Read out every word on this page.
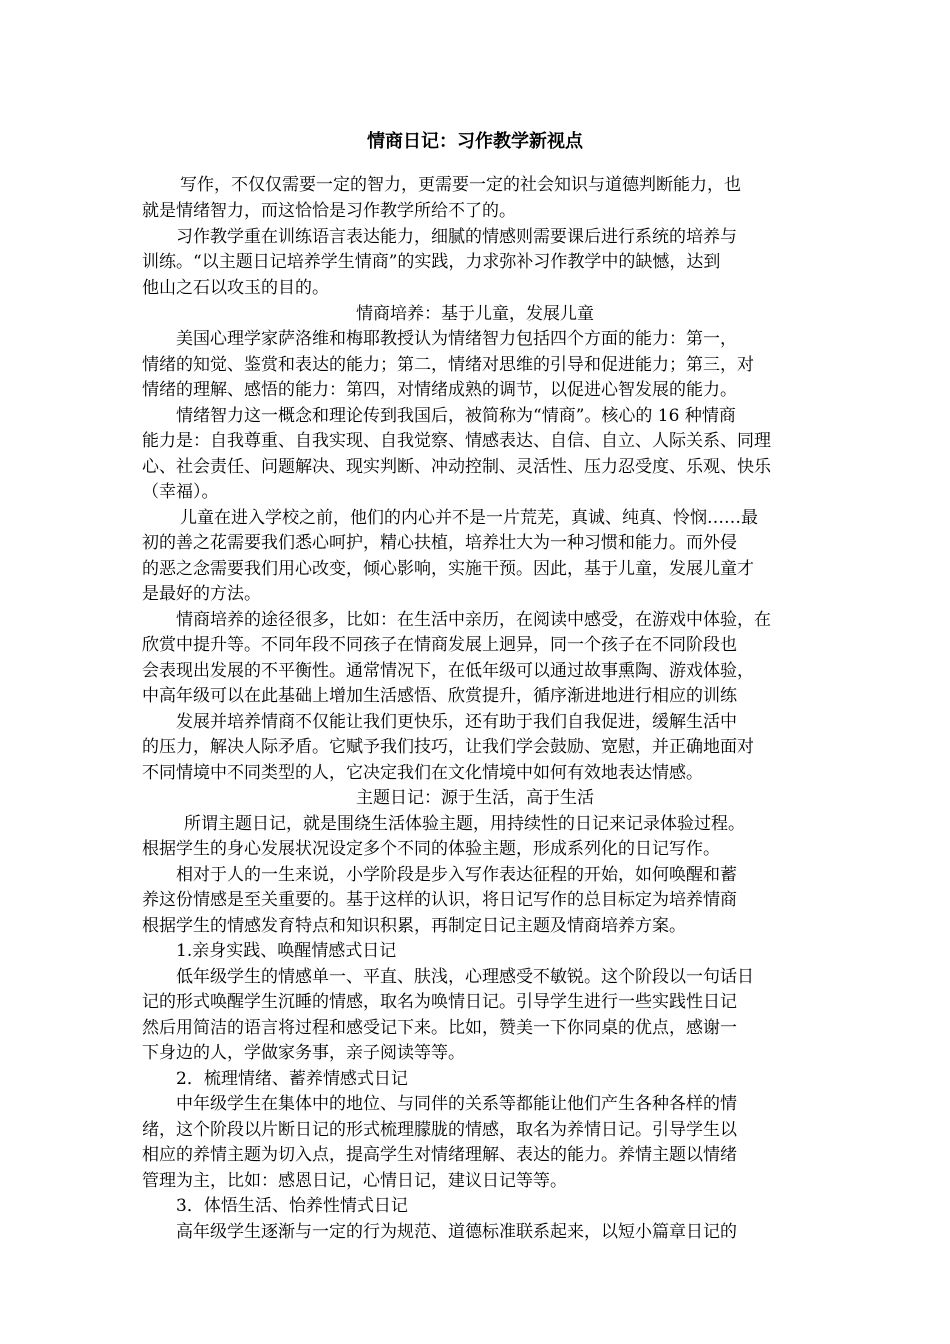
情商日记：习作教学新视点
写作，不仅仅需要一定的智力，更需要一定的社会知识与道德判断能力，也
就是情绪智力，而这恰恰是习作教学所给不了的。
习作教学重在训练语言表达能力，细腻的情感则需要课后进行系统的培养与
训练。“以主题日记培养学生情商”的实践，力求弥补习作教学中的缺憾，达到
他山之石以攻玉的目的。
情商培养：基于儿童，发展儿童
美国心理学家萨洛维和梅耶教授认为情绪智力包括四个方面的能力：第一，
情绪的知觉、鉴赏和表达的能力；第二，情绪对思维的引导和促进能力；第三，对
情绪的理解、感悟的能力：第四，对情绪成熟的调节，以促进心智发展的能力。
情绪智力这一概念和理论传到我国后，被简称为“情商”。核心的 16 种情商
能力是：自我尊重、自我实现、自我觉察、情感表达、自信、自立、人际关系、同理
心、社会责任、问题解决、现实判断、冲动控制、灵活性、压力忍受度、乐观、快乐
（幸福）。
儿童在进入学校之前，他们的内心并不是一片荒芜，真诚、纯真、怜悯……最
初的善之花需要我们悉心呵护，精心扶植，培养壮大为一种习惯和能力。而外侵
的恶之念需要我们用心改变，倾心影响，实施干预。因此，基于儿童，发展儿童才
是最好的方法。
情商培养的途径很多，比如：在生活中亲历，在阅读中感受，在游戏中体验，在
欣赏中提升等。不同年段不同孩子在情商发展上迥异，同一个孩子在不同阶段也
会表现出发展的不平衡性。通常情况下，在低年级可以通过故事熏陶、游戏体验，
中高年级可以在此基础上增加生活感悟、欣赏提升，循序渐进地进行相应的训练
发展并培养情商不仅能让我们更快乐，还有助于我们自我促进，缓解生活中
的压力，解决人际矛盾。它赋予我们技巧，让我们学会鼓励、宽慰，并正确地面对
不同情境中不同类型的人，它决定我们在文化情境中如何有效地表达情感。
主题日记：源于生活，高于生活
所谓主题日记，就是围绕生活体验主题，用持续性的日记来记录体验过程。
根据学生的身心发展状况设定多个不同的体验主题，形成系列化的日记写作。
相对于人的一生来说，小学阶段是步入写作表达征程的开始，如何唤醒和蓄
养这份情感是至关重要的。基于这样的认识，将日记写作的总目标定为培养情商
根据学生的情感发育特点和知识积累，再制定日记主题及情商培养方案。
1.亲身实践、唤醒情感式日记
低年级学生的情感单一、平直、肤浅，心理感受不敏锐。这个阶段以一句话日
记的形式唤醒学生沉睡的情感，取名为唤情日记。引导学生进行一些实践性日记
然后用简洁的语言将过程和感受记下来。比如，赞美一下你同桌的优点，感谢一
下身边的人，学做家务事，亲子阅读等等。
2．梳理情绪、蓄养情感式日记
中年级学生在集体中的地位、与同伴的关系等都能让他们产生各种各样的情
绪，这个阶段以片断日记的形式梳理朦胧的情感，取名为养情日记。引导学生以
相应的养情主题为切入点，提高学生对情绪理解、表达的能力。养情主题以情绪
管理为主，比如：感恩日记，心情日记，建议日记等等。
3．体悟生活、怡养性情式日记
高年级学生逐渐与一定的行为规范、道德标准联系起来，以短小篇章日记的
